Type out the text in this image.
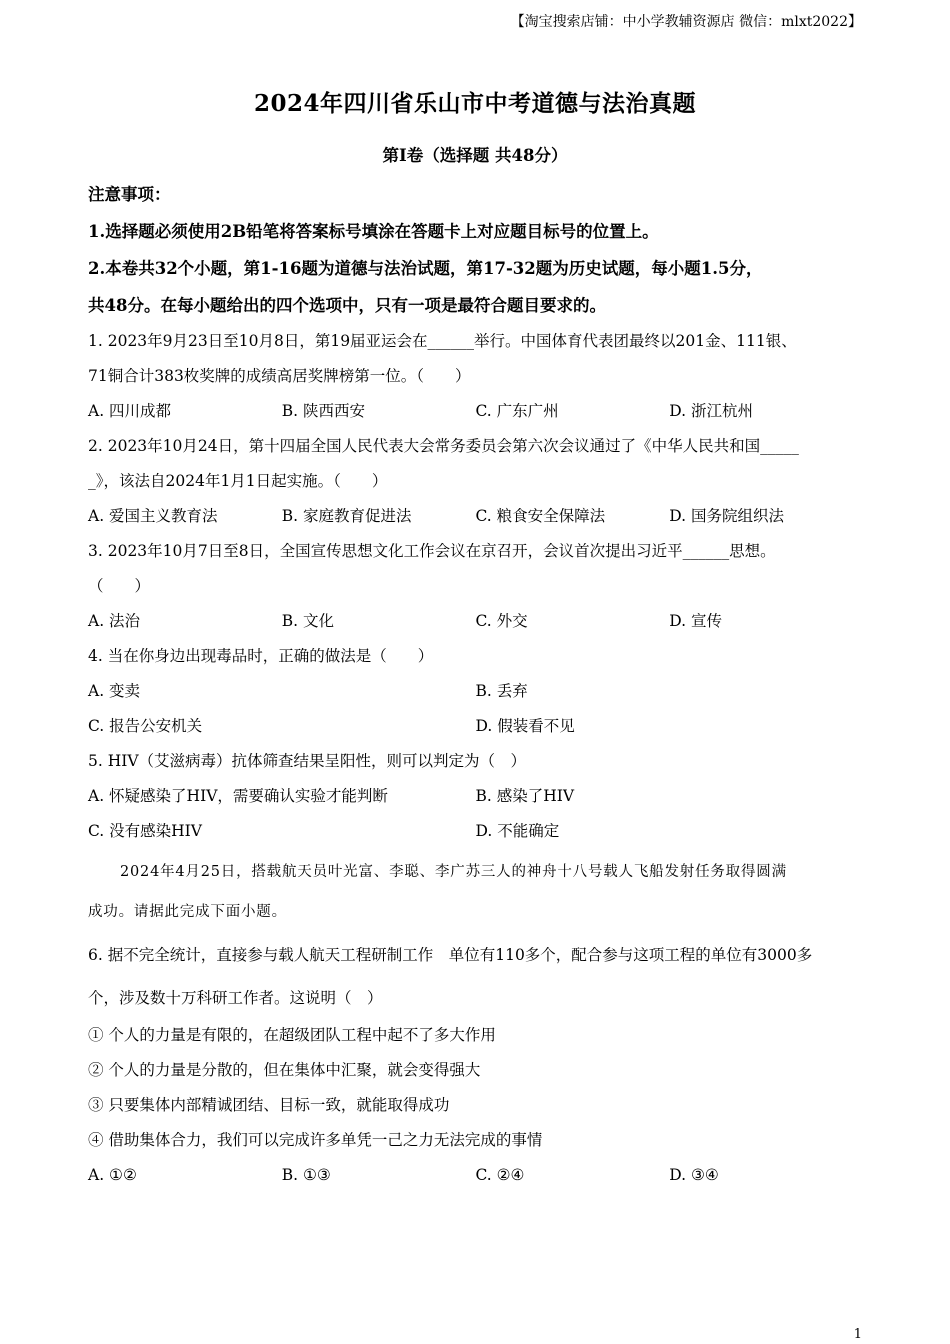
【淘宝搜索店铺：中小学教辅资源店 微信：mlxt2022】
2024年四川省乐山市中考道德与法治真题
第Ⅰ卷（选择题 共48分）
注意事项：
1.选择题必须使用2B铅笔将答案标号填涂在答题卡上对应题目标号的位置上。
2.本卷共32个小题，第1-16题为道德与法治试题，第17-32题为历史试题，每小题1.5分，
共48分。在每小题给出的四个选项中，只有一项是最符合题目要求的。
1. 2023年9月23日至10月8日，第19届亚运会在______举行。中国体育代表团最终以201金、111银、
71铜合计383枚奖牌的成绩高居奖牌榜第一位。（　　）
A. 四川成都	B. 陕西西安	C. 广东广州	D. 浙江杭州
2. 2023年10月24日，第十四届全国人民代表大会常务委员会第六次会议通过了《中华人民共和国_____
_》，该法自2024年1月1日起实施。（　　）
A. 爱国主义教育法	B. 家庭教育促进法	C. 粮食安全保障法	D. 国务院组织法
3. 2023年10月7日至8日，全国宣传思想文化工作会议在京召开，会议首次提出习近平______思想。
（　　）
A. 法治	B. 文化	C. 外交	D. 宣传
4. 当在你身边出现毒品时，正确的做法是（　　）
A. 变卖	B. 丢弃
C. 报告公安机关	D. 假装看不见
5. HIV（艾滋病毒）抗体筛查结果呈阳性，则可以判定为（　）
A. 怀疑感染了HIV，需要确认实验才能判断	B. 感染了HIV
C. 没有感染HIV	D. 不能确定
2024年4月25日，搭载航天员叶光富、李聪、李广苏三人的神舟十八号载人飞船发射任务取得圆满
成功。请据此完成下面小题。
6. 据不完全统计，直接参与载人航天工程研制工作　单位有110多个，配合参与这项工程的单位有3000多
个，涉及数十万科研工作者。这说明（　）
① 个人的力量是有限的，在超级团队工程中起不了多大作用
② 个人的力量是分散的，但在集体中汇聚，就会变得强大
③ 只要集体内部精诚团结、目标一致，就能取得成功
④ 借助集体合力，我们可以完成许多单凭一己之力无法完成的事情
A. ①②	B. ①③	C. ②④	D. ③④
1
